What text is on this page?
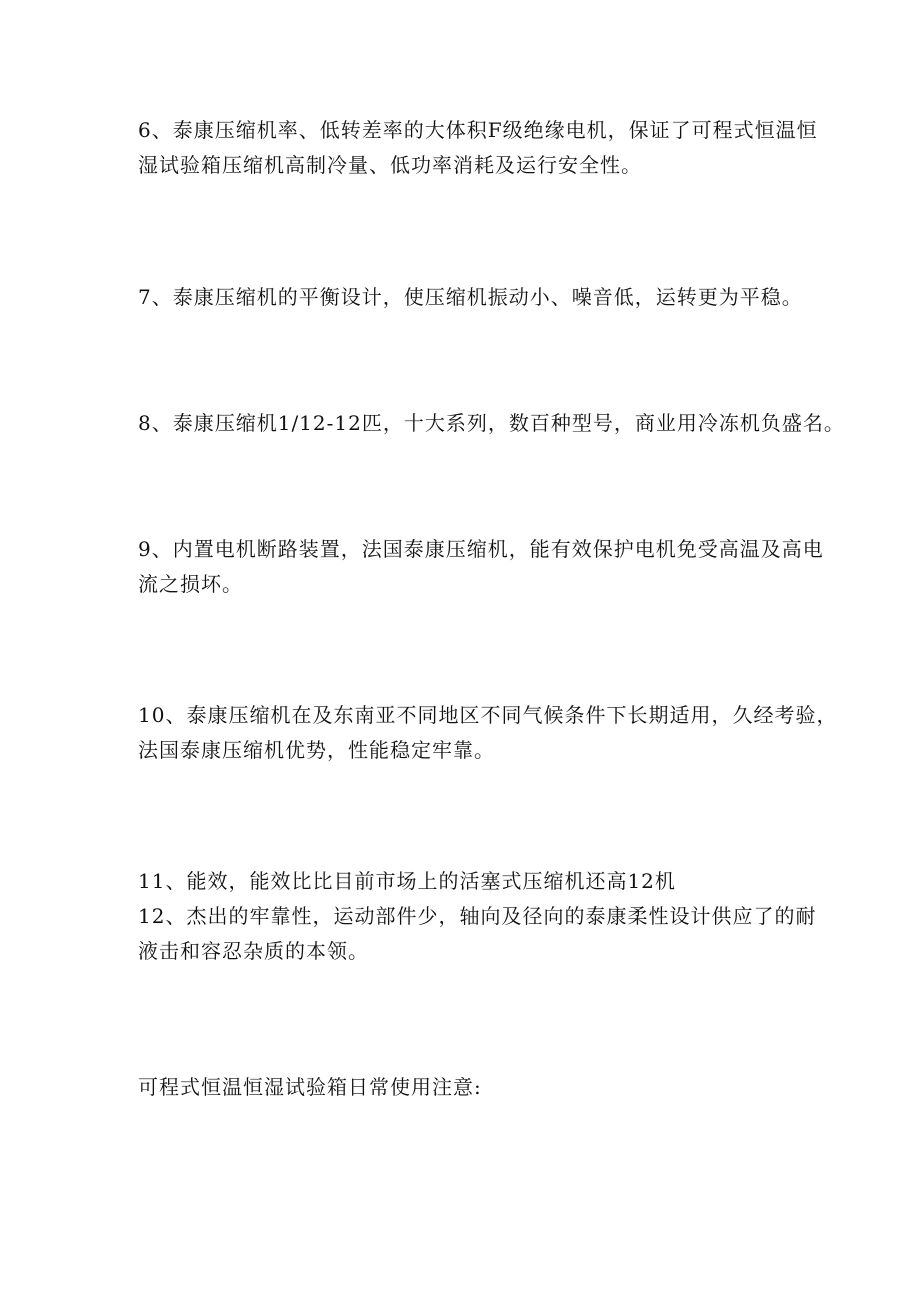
6、泰康压缩机率、低转差率的大体积F级绝缘电机，保证了可程式恒温恒
湿试验箱压缩机高制冷量、低功率消耗及运行安全性。

7、泰康压缩机的平衡设计，使压缩机振动小、噪音低，运转更为平稳。

8、泰康压缩机1/12-12匹，十大系列，数百种型号，商业用冷冻机负盛名。

9、内置电机断路装置，法国泰康压缩机，能有效保护电机免受高温及高电
流之损坏。

10、泰康压缩机在及东南亚不同地区不同气候条件下长期适用，久经考验，
法国泰康压缩机优势，性能稳定牢靠。

11、能效，能效比比目前市场上的活塞式压缩机还高12机
12、杰出的牢靠性，运动部件少，轴向及径向的泰康柔性设计供应了的耐
液击和容忍杂质的本领。

可程式恒温恒湿试验箱日常使用注意:
